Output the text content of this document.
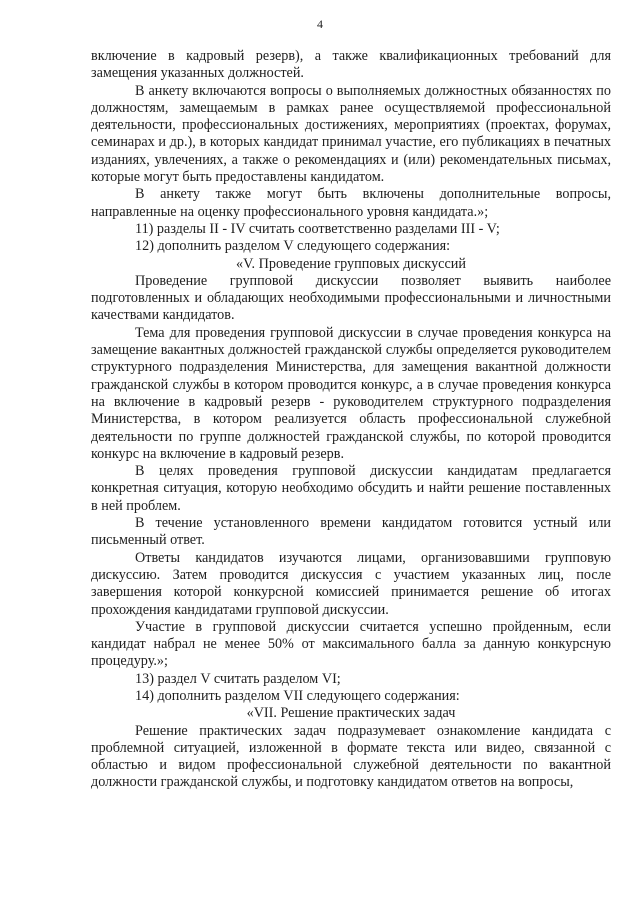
4

включение в кадровый резерв), а также квалификационных требований для замещения указанных должностей.

В анкету включаются вопросы о выполняемых должностных обязанностях по должностям, замещаемым в рамках ранее осуществляемой профессиональной деятельности, профессиональных достижениях, мероприятиях (проектах, форумах, семинарах и др.), в которых кандидат принимал участие, его публикациях в печатных изданиях, увлечениях, а также о рекомендациях и (или) рекомендательных письмах, которые могут быть предоставлены кандидатом.

В анкету также могут быть включены дополнительные вопросы, направленные на оценку профессионального уровня кандидата.»;

11) разделы II - IV считать соответственно разделами III - V;

12) дополнить разделом V следующего содержания:

«V. Проведение групповых дискуссий

Проведение групповой дискуссии позволяет выявить наиболее подготовленных и обладающих необходимыми профессиональными и личностными качествами кандидатов.

Тема для проведения групповой дискуссии в случае проведения конкурса на замещение вакантных должностей гражданской службы определяется руководителем структурного подразделения Министерства, для замещения вакантной должности гражданской службы в котором проводится конкурс, а в случае проведения конкурса на включение в кадровый резерв - руководителем структурного подразделения Министерства, в котором реализуется область профессиональной служебной деятельности по группе должностей гражданской службы, по которой проводится конкурс на включение в кадровый резерв.

В целях проведения групповой дискуссии кандидатам предлагается конкретная ситуация, которую необходимо обсудить и найти решение поставленных в ней проблем.

В течение установленного времени кандидатом готовится устный или письменный ответ.

Ответы кандидатов изучаются лицами, организовавшими групповую дискуссию. Затем проводится дискуссия с участием указанных лиц, после завершения которой конкурсной комиссией принимается решение об итогах прохождения кандидатами групповой дискуссии.

Участие в групповой дискуссии считается успешно пройденным, если кандидат набрал не менее 50% от максимального балла за данную конкурсную процедуру.»;

13) раздел V считать разделом VI;

14) дополнить разделом VII следующего содержания:

«VII. Решение практических задач

Решение практических задач подразумевает ознакомление кандидата с проблемной ситуацией, изложенной в формате текста или видео, связанной с областью и видом профессиональной служебной деятельности по вакантной должности гражданской службы, и подготовку кандидатом ответов на вопросы,
